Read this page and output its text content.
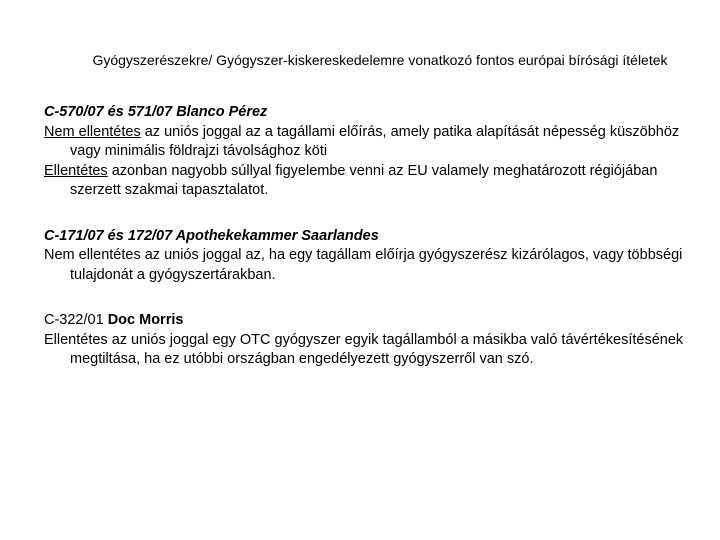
Gyógyszerészekre/ Gyógyszer-kiskereskedelemre vonatkozó fontos európai bírósági ítéletek

C-570/07 és 571/07 Blanco Pérez

Nem ellentétes az uniós joggal az a tagállami előírás, amely patika alapítását népesség küszöbhöz vagy minimális földrajzi távolsághoz köti

Ellentétes azonban nagyobb súllyal figyelembe venni az EU valamely meghatározott régiójában szerzett szakmai tapasztalatot.

C-171/07 és 172/07 Apothekekammer Saarlandes

Nem ellentétes az uniós joggal az, ha egy tagállam előírja gyógyszerész kizárólagos, vagy többségi tulajdonát a gyógyszertárakban.

C-322/01 Doc Morris

Ellentétes az uniós joggal egy OTC gyógyszer egyik tagállamból a másikba való távértékesítésének megtiltása, ha ez utóbbi országban engedélyezett gyógyszerről van szó.
